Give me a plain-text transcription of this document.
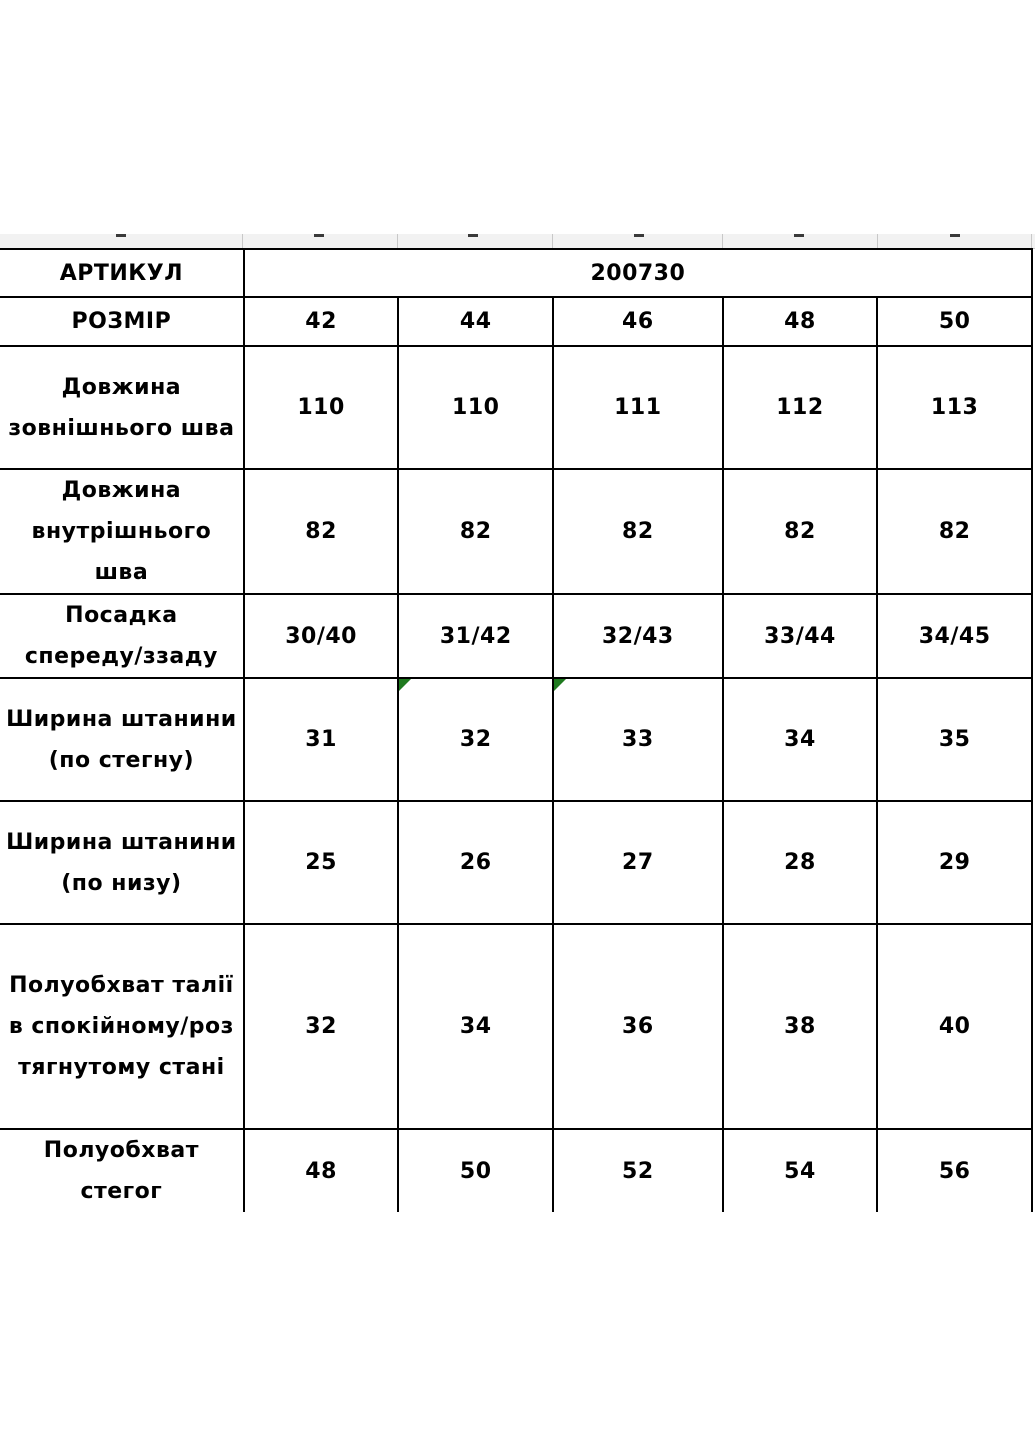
АРТИКУЛ	200730				
РОЗМІР	42	44	46	48	50
Довжина зовнішнього шва	110	110	111	112	113
Довжина внутрішнього шва	82	82	82	82	82
Посадка спереду/ззаду	30/40	31/42	32/43	33/44	34/45
Ширина штанини (по стегну)	31	32	33	34	35
Ширина штанини (по низу)	25	26	27	28	29
Полуобхват талії в спокійному/розтягнутому стані	32	34	36	38	40
Полуобхват стегог	48	50	52	54	56
